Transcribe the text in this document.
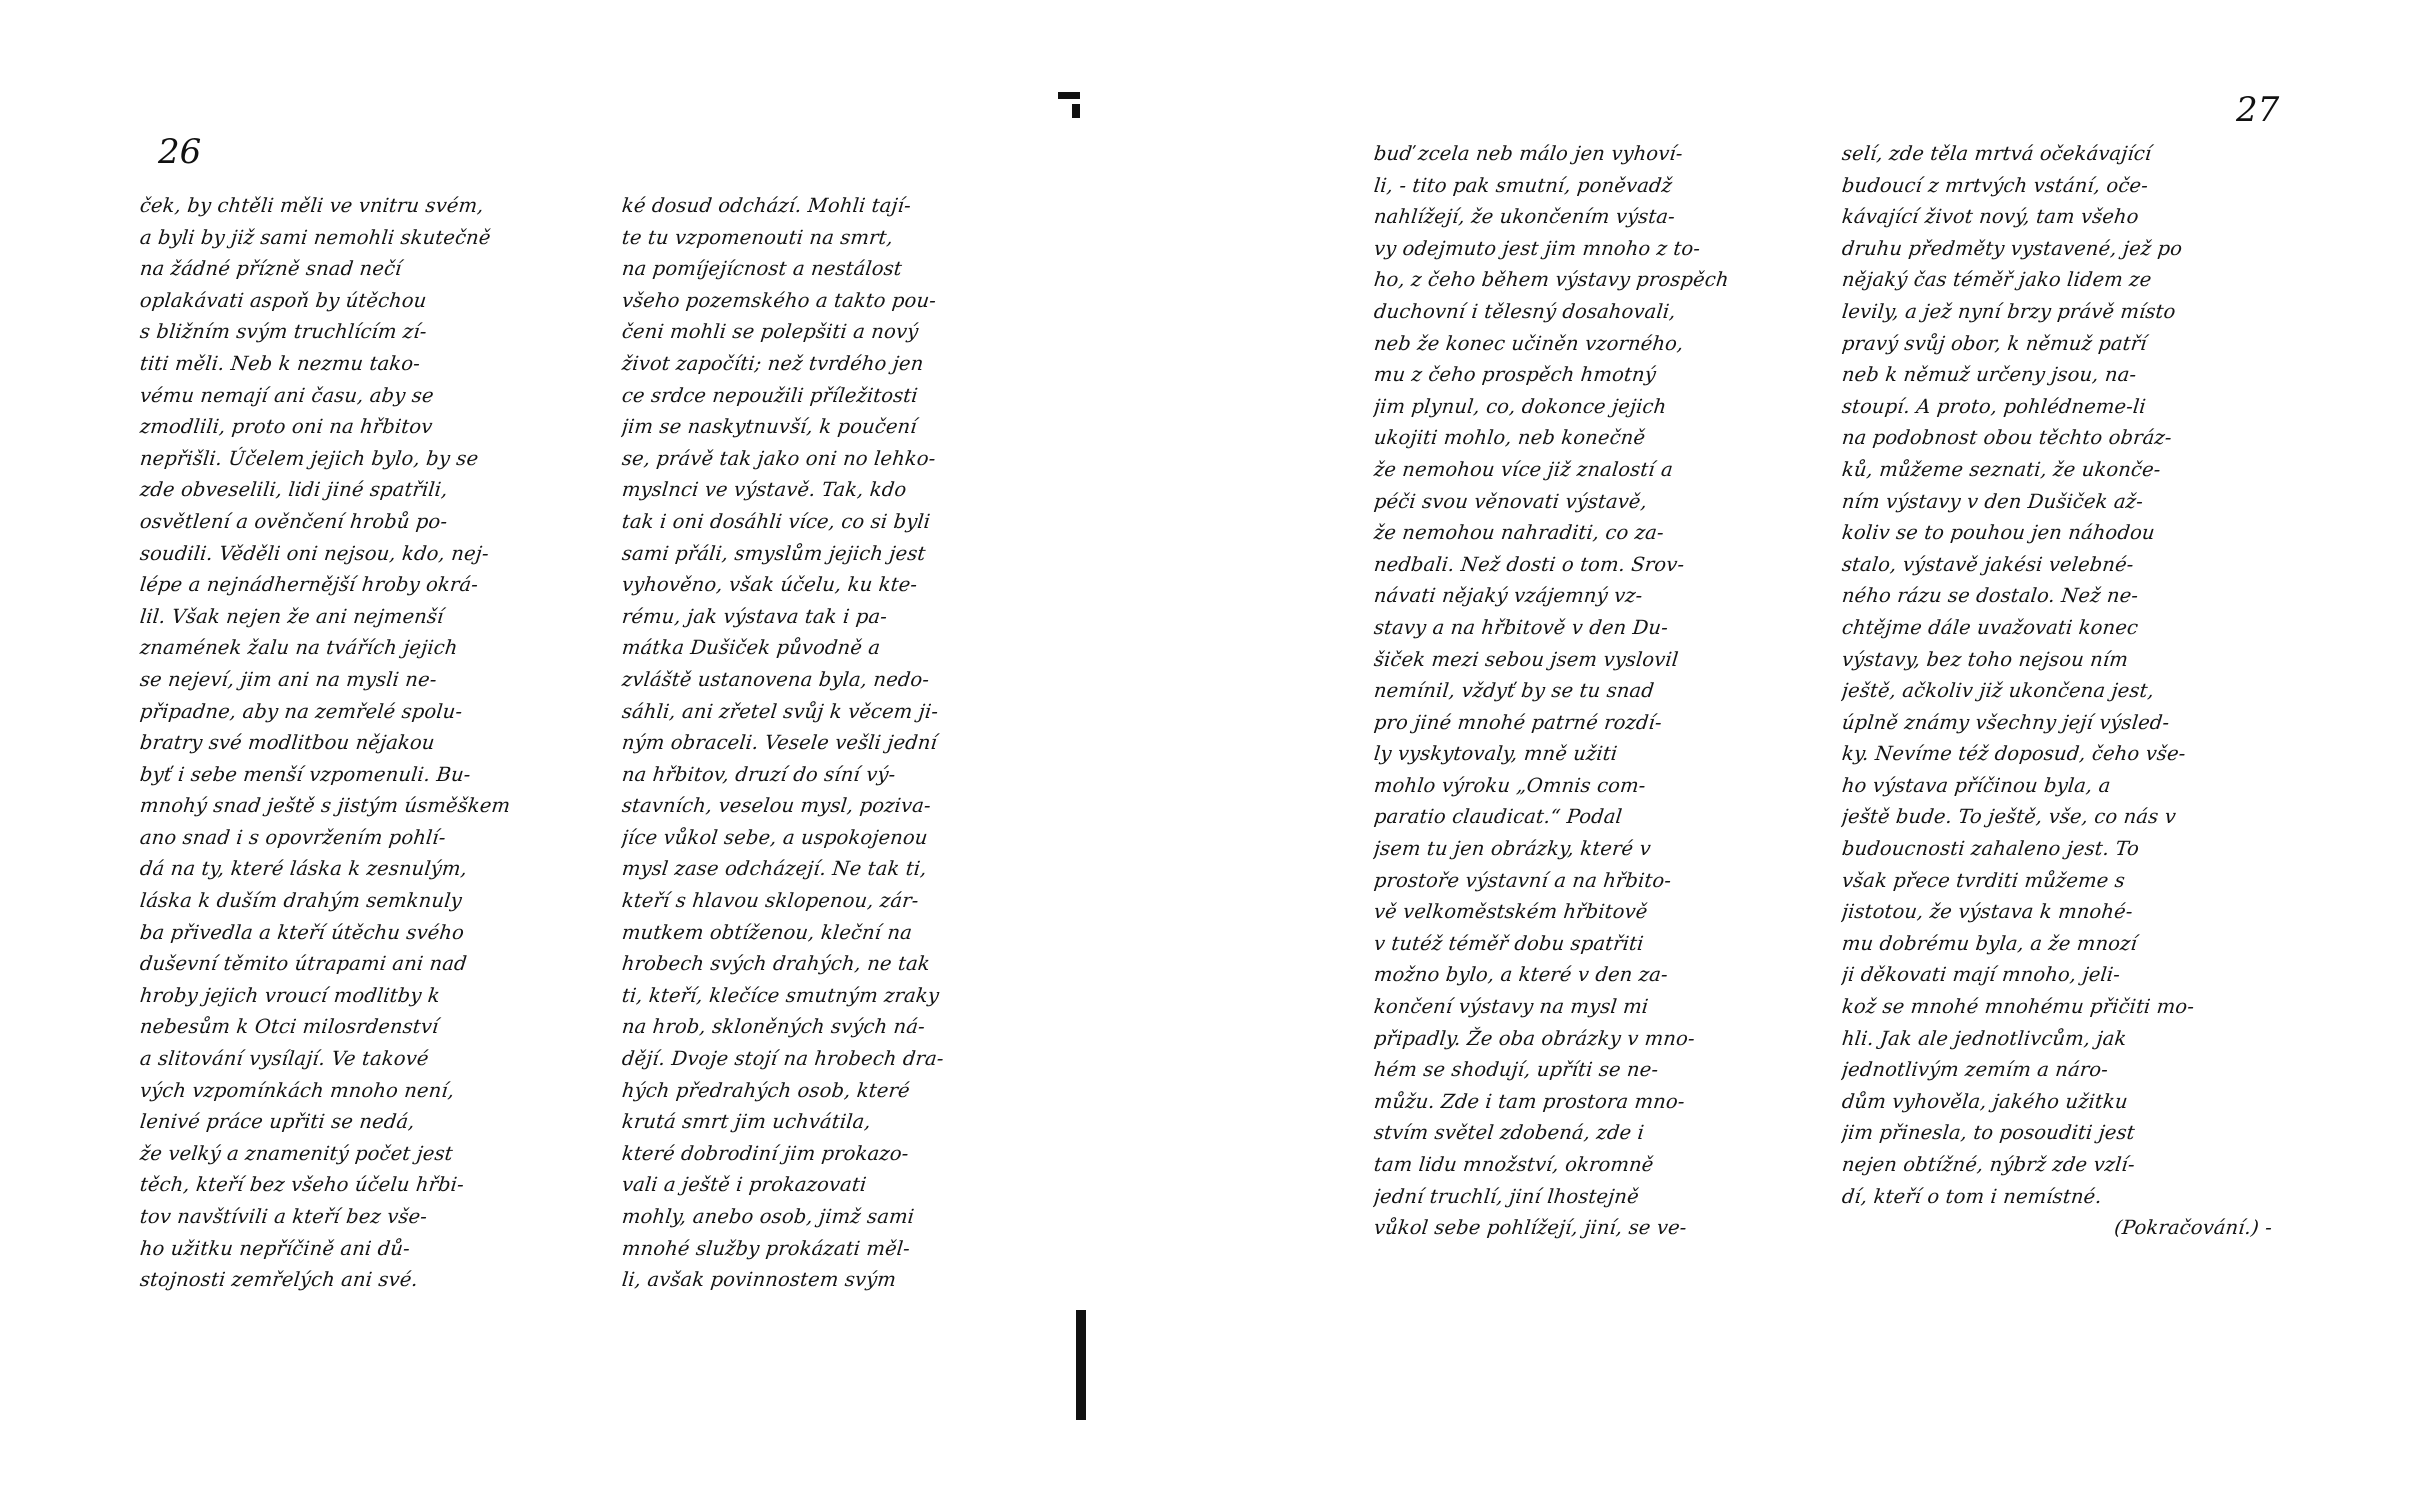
26
ček, by chtěli měli ve vnitru svém,
a byli by již sami nemohli skutečně
na žádné přízně snad nečí
oplakávati aspoň by útěchou
s bližním svým truchlícím zí-
titi měli. Neb k nezmu tako-
vému nemají ani času, aby se
zmodlili, proto oni na hřbitov
nepřišli. Účelem jejich bylo, by se
zde obveselili, lidi jiné spatřili,
osvětlení a ověnčení hrobů po-
soudili. Věděli oni nejsou, kdo, nej-
lépe a nejnádhernější hroby okrá-
lil. Však nejen že ani nejmenší
znamének žalu na tvářích jejich
se nejeví, jim ani na mysli ne-
připadne, aby na zemřelé spolu-
bratry své modlitbou nějakou
byť i sebe menší vzpomenuli. Bu-
mnohý snad ještě s jistým úsměškem
ano snad i s opovržením pohlí-
dá na ty, které láska k zesnulým,
láska k duším drahým semknuly
ba přivedla a kteří útěchu svého
duševní těmito útrapami ani nad
hroby jejich vroucí modlitby k
nebesům k Otci milosrdenství
a slitování vysílají. Ve takové
vých vzpomínkách mnoho není,
lenivé práce upřiti se nedá,
že velký a znamenitý počet jest
těch, kteří bez všeho účelu hřbi-
tov navštívili a kteří bez vše-
ho užitku nepříčině ani dů-
stojnosti zemřelých ani své.
ké dosud odchází. Mohli tají-
te tu vzpomenouti na smrt,
na pomíjejícnost a nestálost
všeho pozemského a takto pou-
čeni mohli se polepšiti a nový
život započíti; než tvrdého jen
ce srdce nepoužili příležitosti
jim se naskytnuvší, k poučení
se, právě tak jako oni no lehko-
myslnci ve výstavě. Tak, kdo
tak i oni dosáhli více, co si byli
sami přáli, smyslům jejich jest
vyhověno, však účelu, ku kte-
rému, jak výstava tak i pa-
mátka Dušiček původně a
zvláště ustanovena byla, nedo-
sáhli, ani zřetel svůj k věcem ji-
ným obraceli. Vesele vešli jední
na hřbitov, druzí do síní vý-
stavních, veselou mysl, poziva-
jíce vůkol sebe, a uspokojenou
mysl zase odcházejí. Ne tak ti,
kteří s hlavou sklopenou, zár-
mutkem obtíženou, kleční na
hrobech svých drahých, ne tak
ti, kteří, klečíce smutným zraky
na hrob, skloněných svých ná-
dějí. Dvoje stojí na hrobech dra-
hých předrahých osob, které
krutá smrt jim uchvátila,
které dobrodiní jim prokazo-
vali a ještě i prokazovati
mohly, anebo osob, jimž sami
mnohé služby prokázati měl-
li, avšak povinnostem svým
27
buď zcela neb málo jen vyhoví-
li, - tito pak smutní, poněvadž
nahlížejí, že ukončením výsta-
vy odejmuto jest jim mnoho z to-
ho, z čeho během výstavy prospěch
duchovní i tělesný dosahovali,
neb že konec učiněn vzorného,
mu z čeho prospěch hmotný
jim plynul, co, dokonce jejich
ukojiti mohlo, neb konečně
že nemohou více již znalostí a
péči svou věnovati výstavě,
že nemohou nahraditi, co za-
nedbali. Než dosti o tom. Srov-
návati nějaký vzájemný vz-
stavy a na hřbitově v den Du-
šiček mezi sebou jsem vyslovil
nemínil, vždyť by se tu snad
pro jiné mnohé patrné rozdí-
ly vyskytovaly, mně užiti
mohlo výroku „Omnis com-
paratio claudicat.“ Podal
jsem tu jen obrázky, které v
prostoře výstavní a na hřbito-
vě velkoměstském hřbitově
v tutéž téměř dobu spatřiti
možno bylo, a které v den za-
končení výstavy na mysl mi
připadly. Že oba obrázky v mno-
hém se shodují, upříti se ne-
můžu. Zde i tam prostora mno-
stvím světel zdobená, zde i
tam lidu množství, okromně
jední truchlí, jiní lhostejně
vůkol sebe pohlížejí, jiní, se ve-
selí, zde těla mrtvá očekávající
budoucí z mrtvých vstání, oče-
kávající život nový, tam všeho
druhu předměty vystavené, jež po
nějaký čas téměř jako lidem ze
levily, a jež nyní brzy právě místo
pravý svůj obor, k němuž patří
neb k němuž určeny jsou, na-
stoupí. A proto, pohlédneme-li
na podobnost obou těchto obráz-
ků, můžeme seznati, že ukonče-
ním výstavy v den Dušiček až-
koliv se to pouhou jen náhodou
stalo, výstavě jakési velebné-
ného rázu se dostalo. Než ne-
chtějme dále uvažovati konec
výstavy, bez toho nejsou ním
ještě, ačkoliv již ukončena jest,
úplně známy všechny její výsled-
ky. Nevíme též doposud, čeho vše-
ho výstava příčinou byla, a
ještě bude. To ještě, vše, co nás v
budoucnosti zahaleno jest. To
však přece tvrditi můžeme s
jistotou, že výstava k mnohé-
mu dobrému byla, a že mnozí
ji děkovati mají mnoho, jeli-
kož se mnohé mnohému přičiti mo-
hli. Jak ale jednotlivcům, jak
jednotlivým zemím a náro-
dům vyhověla, jakého užitku
jim přinesla, to posouditi jest
nejen obtížné, nýbrž zde vzlí-
dí, kteří o tom i nemístné.
(Pokračování.) -
